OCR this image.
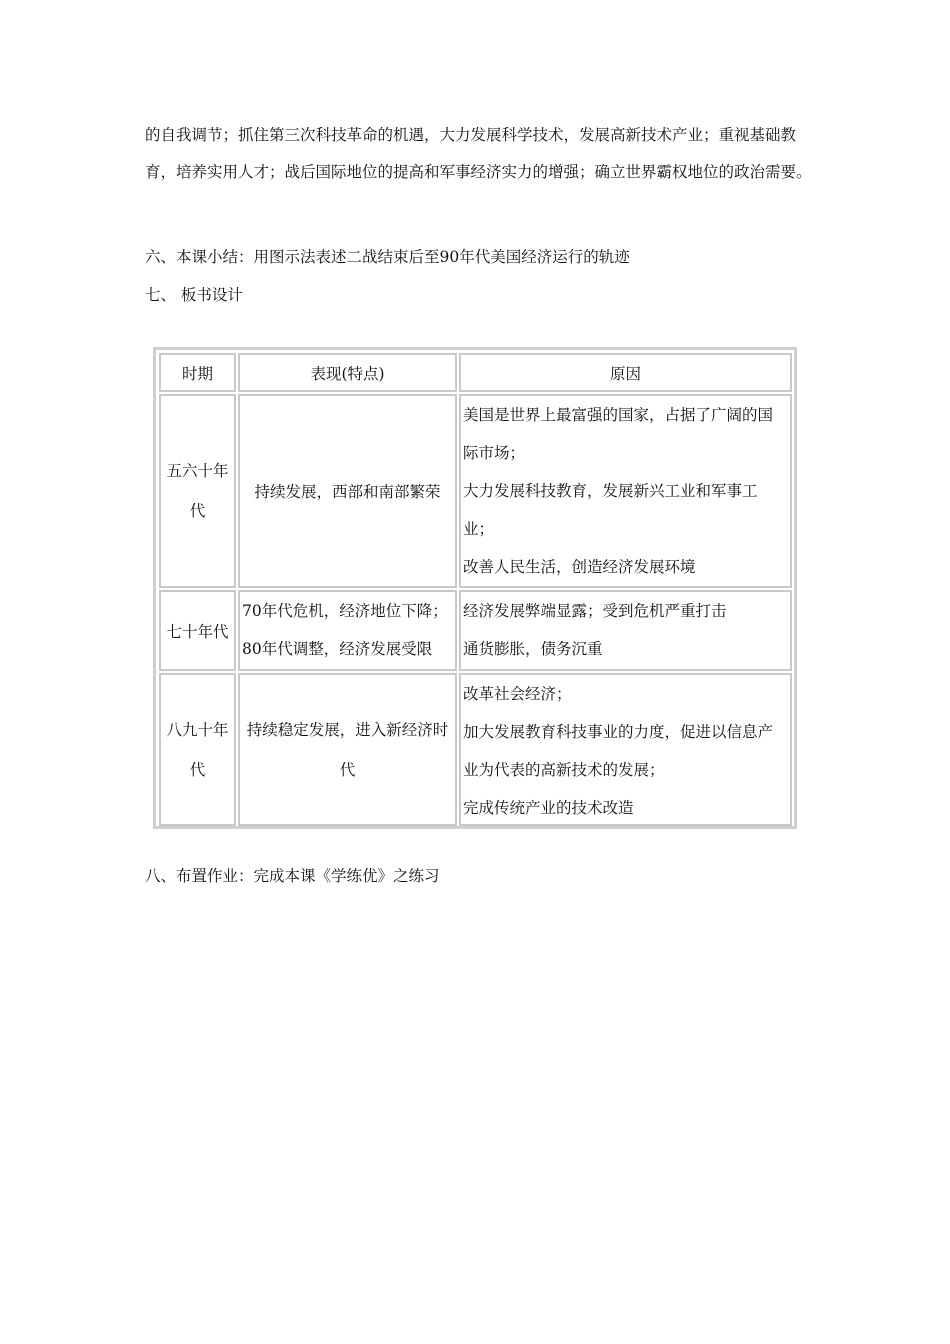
的自我调节；抓住第三次科技革命的机遇，大力发展科学技术，发展高新技术产业；重视基础教育，培养实用人才；战后国际地位的提高和军事经济实力的增强；确立世界霸权地位的政治需要。

六、本课小结：用图示法表述二战结束后至90年代美国经济运行的轨迹

七、 板书设计

时期	表现(特点)	原因
五六十年代
持续发展，西部和南部繁荣
美国是世界上最富强的国家，占据了广阔的国
际市场；
大力发展科技教育，发展新兴工业和军事工
业；
改善人民生活，创造经济发展环境
七十年代
70年代危机，经济地位下降；
80年代调整，经济发展受限
经济发展弊端显露；受到危机严重打击
通货膨胀，债务沉重
八九十年代
持续稳定发展，进入新经济时代
改革社会经济；
加大发展教育科技事业的力度，促进以信息产
业为代表的高新技术的发展；
完成传统产业的技术改造

八、布置作业：完成本课《学练优》之练习
